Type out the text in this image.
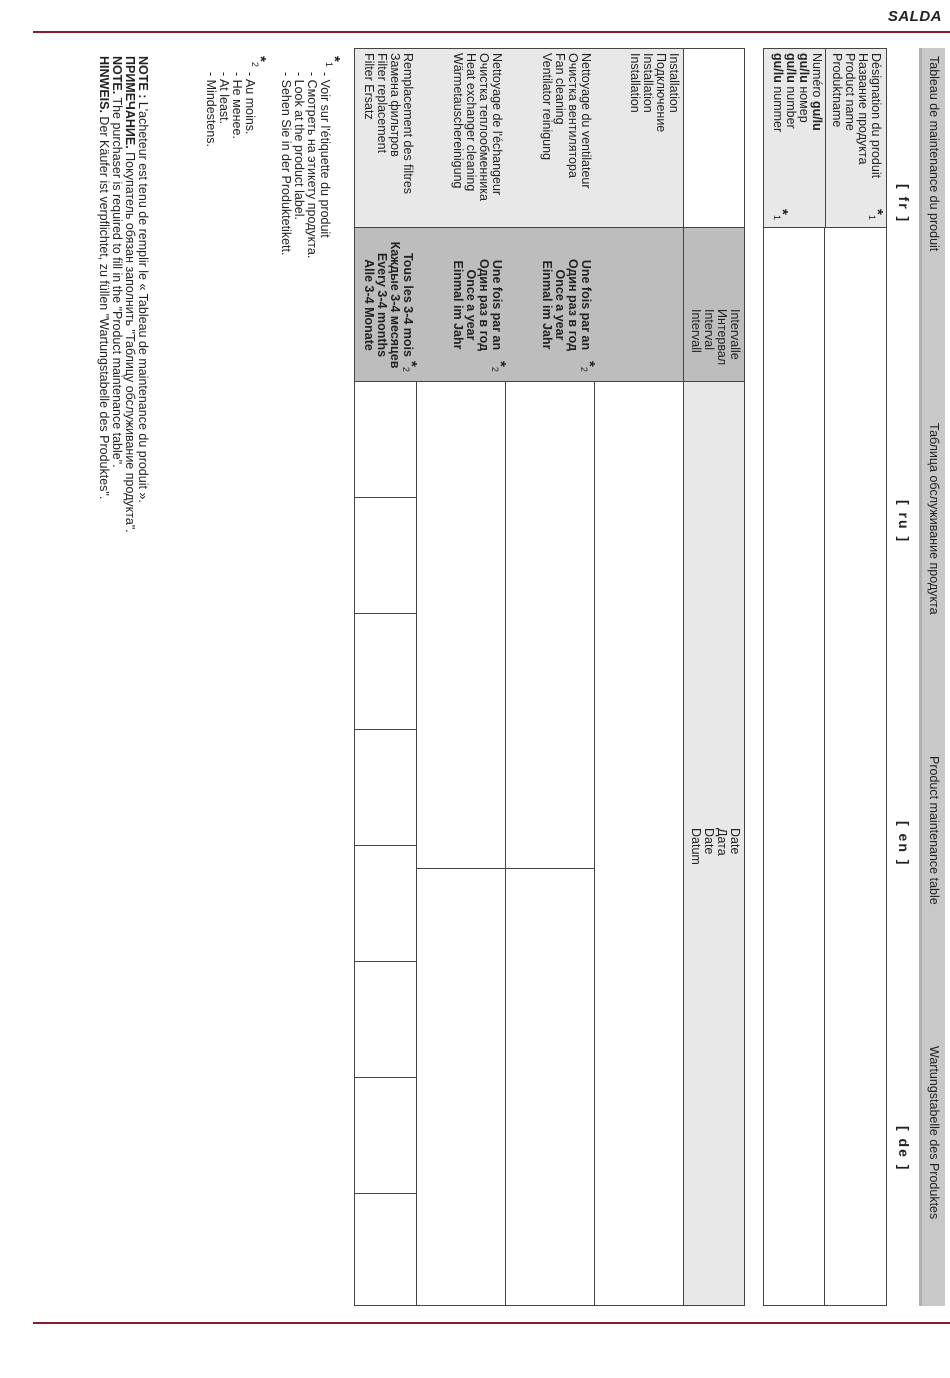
SALDA
Tableau de maintenance du produit
Таблица обслуживание продукта
Product maintenance table
Wartungstabelle des Produktes
[ fr ]
[ ru ]
[ en ]
[ de ]
Désignation du produit
Название продукта
Product name
Produktname
$*_1$
Numéro gu/lu
gu/lu номер
gu/lu number
gu/lu nummer
$*_1$
Intervalle
Интервал
Interval
Intervall
Date
Дата
Date
Datum
Installation
Подключение
Installation
Installation
Nettoyage du ventilateur
Очистка вентилятора
Fan cleaning
Ventilator reinigung
Une fois par an
Один раз в год
Once a year
Einmal im Jahr
$*_2$
Nettoyage de l'échangeur
Очистка теплообменника
Heat exchanger cleaning
Wärmetauschereinigung
Une fois par an
Один раз в год
Once a year
Einmal im Jahr
$*_2$
Remplacement des filtres
Замена фильтров
Filter replacement
Filter Ersatz
Tous les 3-4 mois
Каждые 3-4 месяцев
Every 3-4 months
Alle 3-4 Monate
$*_2$
$*_1$
- Voir sur l'étiquette du produit
- Смотреть на этикету продукта.
- Look at the product label.
- Sehen Sie in der Produktetikett.
$*_2$
- Au moins.
- Не менее.
- At least.
- Mindestens.
NOTE : L'acheteur est tenu de remplir le « Tableau de maintenance du produit ».
ПРИМЕЧАНИЕ. Покупатель обязан заполнить "Таблицу обслуживание продукта".
NOTE. The purchaser is required to fill in the "Product maintenance table".
HINWEIS. Der Käufer ist verpflichtet, zu füllen "Wartungstabelle des Produktes".
